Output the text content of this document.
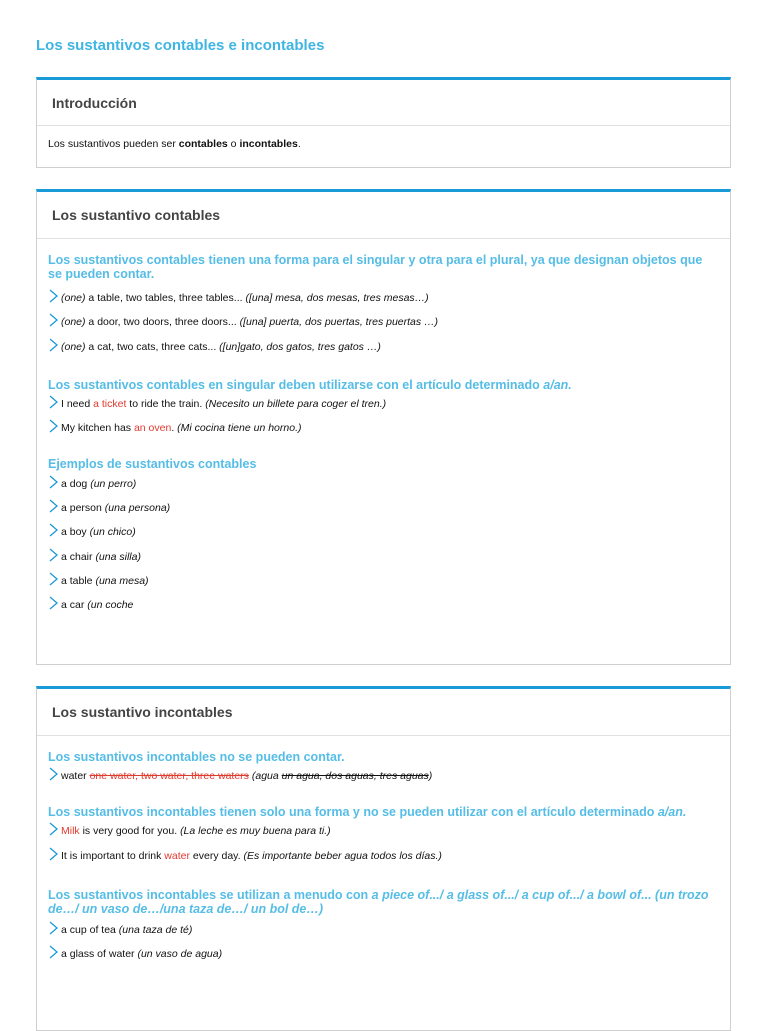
Los sustantivos contables e incontables
Introducción
Los sustantivos pueden ser contables o incontables.
Los sustantivo contables
Los sustantivos contables tienen una forma para el singular y otra para el plural, ya que designan objetos que se pueden contar.
(one) a table, two tables, three tables... ([una] mesa, dos mesas, tres mesas…)
(one) a door, two doors, three doors... ([una] puerta, dos puertas, tres puertas …)
(one) a cat, two cats, three cats... ([un]gato, dos gatos, tres gatos …)
Los sustantivos contables en singular deben utilizarse con el artículo determinado a/an.
I need a ticket to ride the train. (Necesito un billete para coger el tren.)
My kitchen has an oven. (Mi cocina tiene un horno.)
Ejemplos de sustantivos contables
a dog (un perro)
a person (una persona)
a boy (un chico)
a chair (una silla)
a table (una mesa)
a car (un coche
Los sustantivo incontables
Los sustantivos incontables no se pueden contar.
water one water, two water, three waters (agua un agua, dos aguas, tres aguas)
Los sustantivos incontables tienen solo una forma y no se pueden utilizar con el artículo determinado a/an.
Milk is very good for you. (La leche es muy buena para ti.)
It is important to drink water every day. (Es importante beber agua todos los días.)
Los sustantivos incontables se utilizan a menudo con a piece of.../ a glass of.../ a cup of.../ a bowl of... (un trozo de…/ un vaso de…/una taza de…/ un bol de…)
a cup of tea (una taza de té)
a glass of water (un vaso de agua)
